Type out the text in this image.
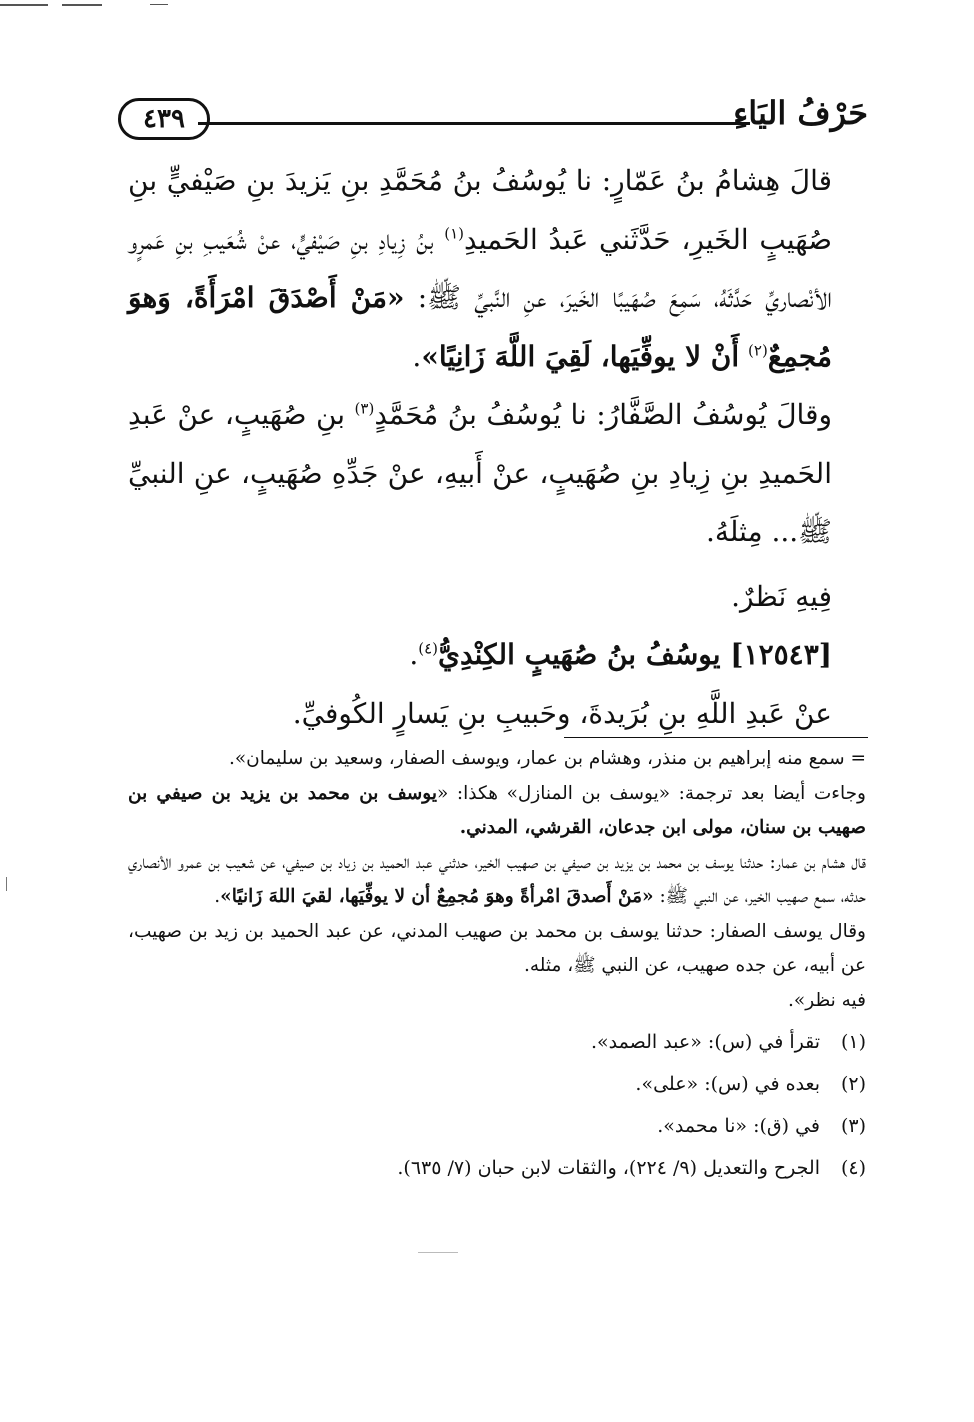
٤٣٩	حَرْفُ اليَاءِ

قالَ هِشامُ بنُ عَمّارٍ: نا يُوسُفُ بنُ مُحَمَّدِ بنِ يَزيدَ بنِ صَيْفيٍّ بنِ صُهَيبٍ الخَيرِ، حَدَّثَني عَبدُ الحَميدِ$^{(١)}$ بنُ زِيادِ بنِ صَيْفيٍّ، عنْ شُعَيبِ بنِ عَمرٍو الأنْصاريِّ حَدَّثَهُ، سَمِعَ صُهَيبًا الخَيرَ، عنِ النَّبيِّ ﷺ: «مَنْ أَصْدَقَ امْرَأَةً، وَهوَ مُجمِعٌ$^{(٢)}$ أَنْ لا يوفِّيَها، لَقِيَ اللَّهَ زَانِيًا».

وقالَ يُوسُفُ الصَّفَّارُ: نا يُوسُفُ بنُ مُحَمَّدٍ$^{(٣)}$ بنِ صُهَيبٍ، عنْ عَبدِ الحَميدِ بنِ زِيادِ بنِ صُهَيبٍ، عنْ أَبيهِ، عنْ جَدِّهِ صُهَيبٍ، عنِ النبيِّ ﷺ... مِثلَهُ.

فِيهِ نَظرٌ.

[١٢٥٤٣] يوسُفُ بنُ صُهَيبٍ الكِنْدِيُّ$^{(٤)}$.

عنْ عَبدِ اللَّهِ بنِ بُرَيدةَ، وحَبيبِ بنِ يَسارٍ الكُوفيِّ.

= سمع منه إبراهيم بن منذر، وهشام بن عمار، ويوسف الصفار، وسعيد بن سليمان».

وجاءت أيضا بعد ترجمة: «يوسف بن المنازل» هكذا: «يوسف بن محمد بن يزيد بن صيفي بن صهيب بن سنان، مولى ابن جدعان، القرشي، المدني.

قال هشام بن عمار: حدثنا يوسف بن محمد بن يزيد بن صيفي بن صهيب الخير، حدثني عبد الحميد بن زياد بن صيفي، عن شعيب بن عمرو الأنصاري حدثه، سمع صهيب الخير، عن النبي ﷺ: «مَنْ أَصدقَ امْرأةً وهوَ مُجمِعٌ أن لا يوفِّيَها، لقيَ اللهَ زَانيًا».

وقال يوسف الصفار: حدثنا يوسف بن محمد بن صهيب المدني، عن عبد الحميد بن زيد بن صهيب، عن أبيه، عن جده صهيب، عن النبي ﷺ، مثله.

فيه نظر».

(١)
تقرأ في (س): «عبد الصمد».
(٢)
بعده في (س): «على».
(٣)
في (ق): «نا محمد».
(٤)
الجرح والتعديل (٩/ ٢٢٤)، والثقات لابن حبان (٧/ ٦٣٥).
